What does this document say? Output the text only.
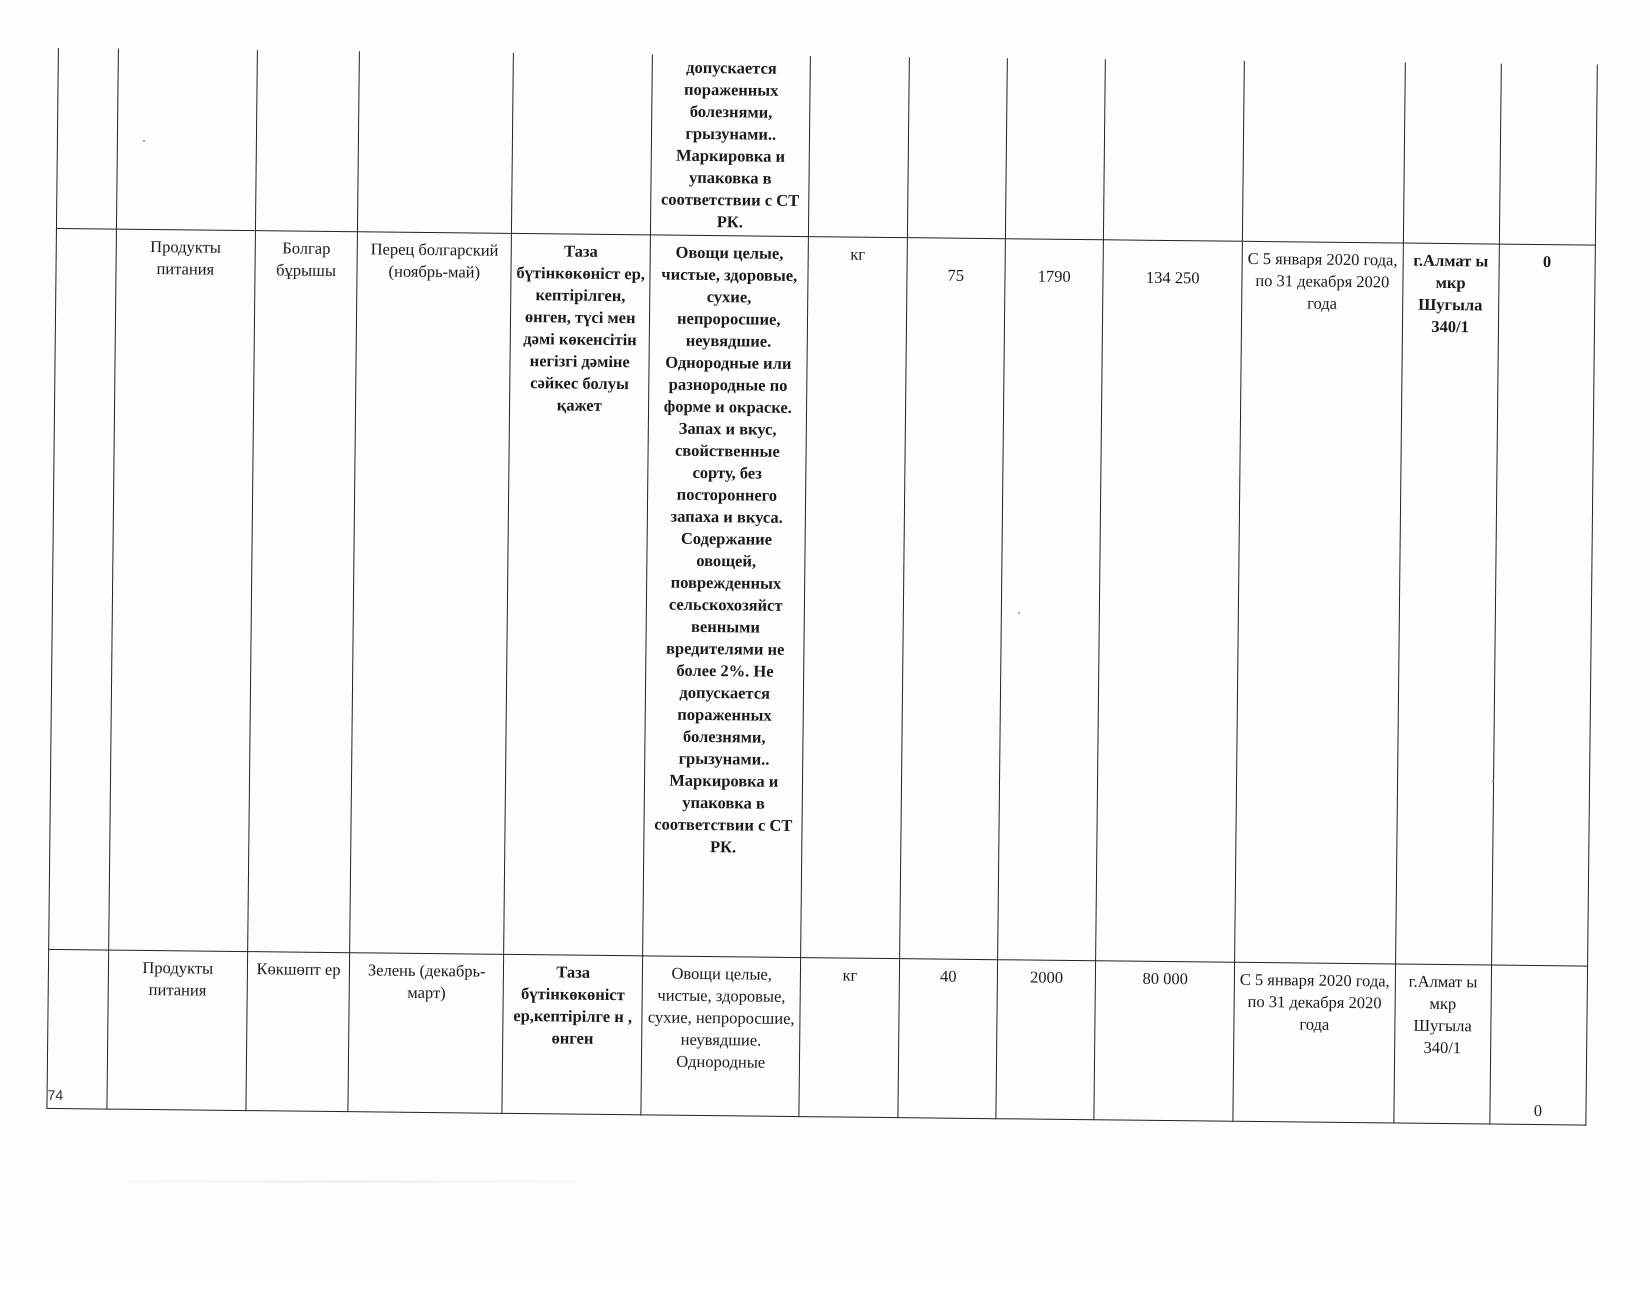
					допускается пораженных болезнями, грызунами.. Маркировка и упаковка в соответствии с СТ РК.							
	Продукты питания	Болгар бұрышы	Перец болгарский (ноябрь-май)	Таза бүтінкөкөніст ер, кептірілген, өнген, түсі мен дәмі көкенсітін негізгі дәміне сәйкес болуы қажет	Овощи целые, чистые, здоровые, сухие, непроросшие, неувядшие. Однородные или разнородные по форме и окраске. Запах и вкус, свойственные сорту, без постороннего запаха и вкуса. Содержание овощей, поврежденных сельскохозяйст венными вредителями не более 2%. Не допускается пораженных болезнями, грызунами.. Маркировка и упаковка в соответствии с СТ РК.	кг	75	1790	134 250	С 5 января 2020 года, по 31 декабря 2020 года	г.Алмат ы мкр Шугыла 340/1	0

74	Продукты питания	Көкшөпт ер	Зелень (декабрь-март)	Таза бүтінкөкөніст ер,кептірілге н , өнген	Овощи целые, чистые, здоровые, сухие, непроросшие, неувядшие. Однородные	кг	40	2000	80 000	С 5 января 2020 года, по 31 декабря 2020 года	г.Алмат ы мкр Шугыла 340/1	0
